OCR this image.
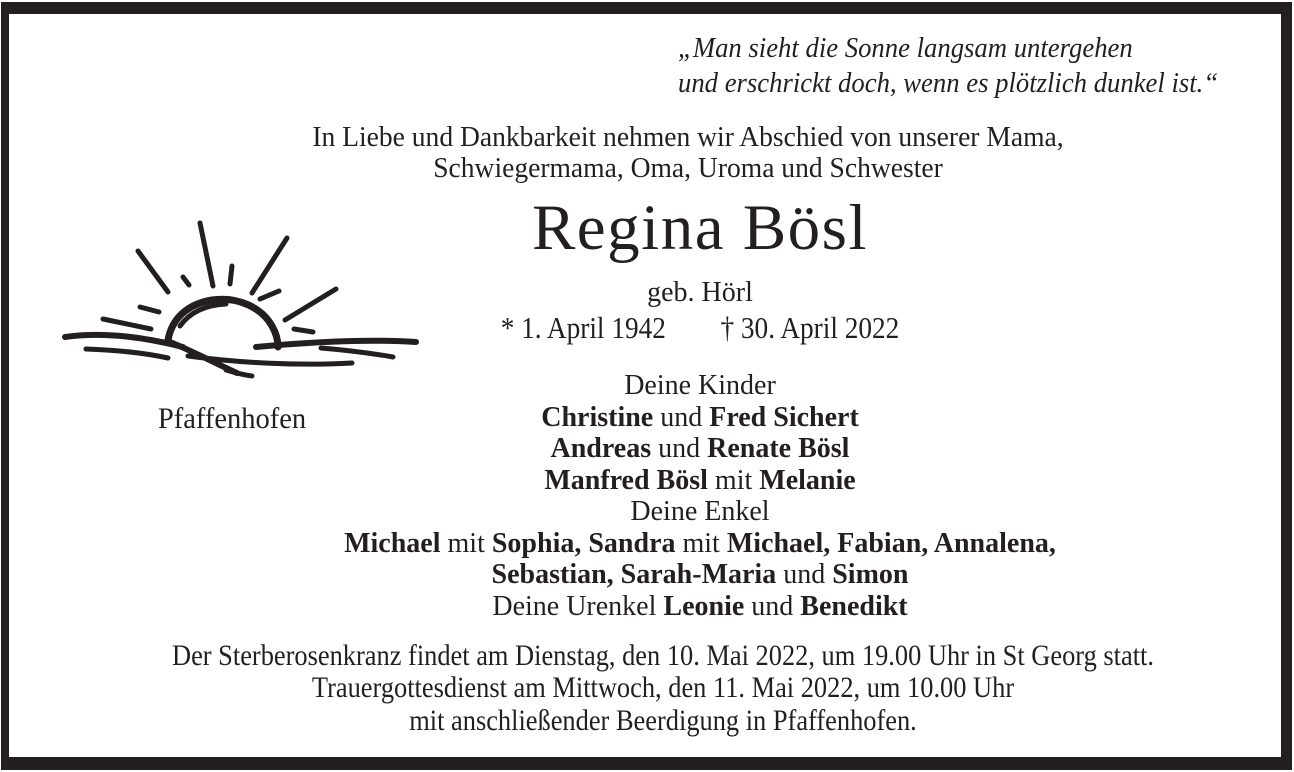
„Man sieht die Sonne langsam untergehen
und erschrickt doch, wenn es plötzlich dunkel ist.“
Pfaffenhofen
In Liebe und Dankbarkeit nehmen wir Abschied von unserer Mama,
Schwiegermama, Oma, Uroma und Schwester
Regina Bösl
geb. Hörl
* 1. April 1942 † 30. April 2022
Deine Kinder
Christine und Fred Sichert
Andreas und Renate Bösl
Manfred Bösl mit Melanie
Deine Enkel
Michael mit Sophia, Sandra mit Michael, Fabian, Annalena,
Sebastian, Sarah-Maria und Simon
Deine Urenkel Leonie und Benedikt
Der Sterberosenkranz findet am Dienstag, den 10. Mai 2022, um 19.00 Uhr in St Georg statt.
Trauergottesdienst am Mittwoch, den 11. Mai 2022, um 10.00 Uhr
mit anschließender Beerdigung in Pfaffenhofen.
